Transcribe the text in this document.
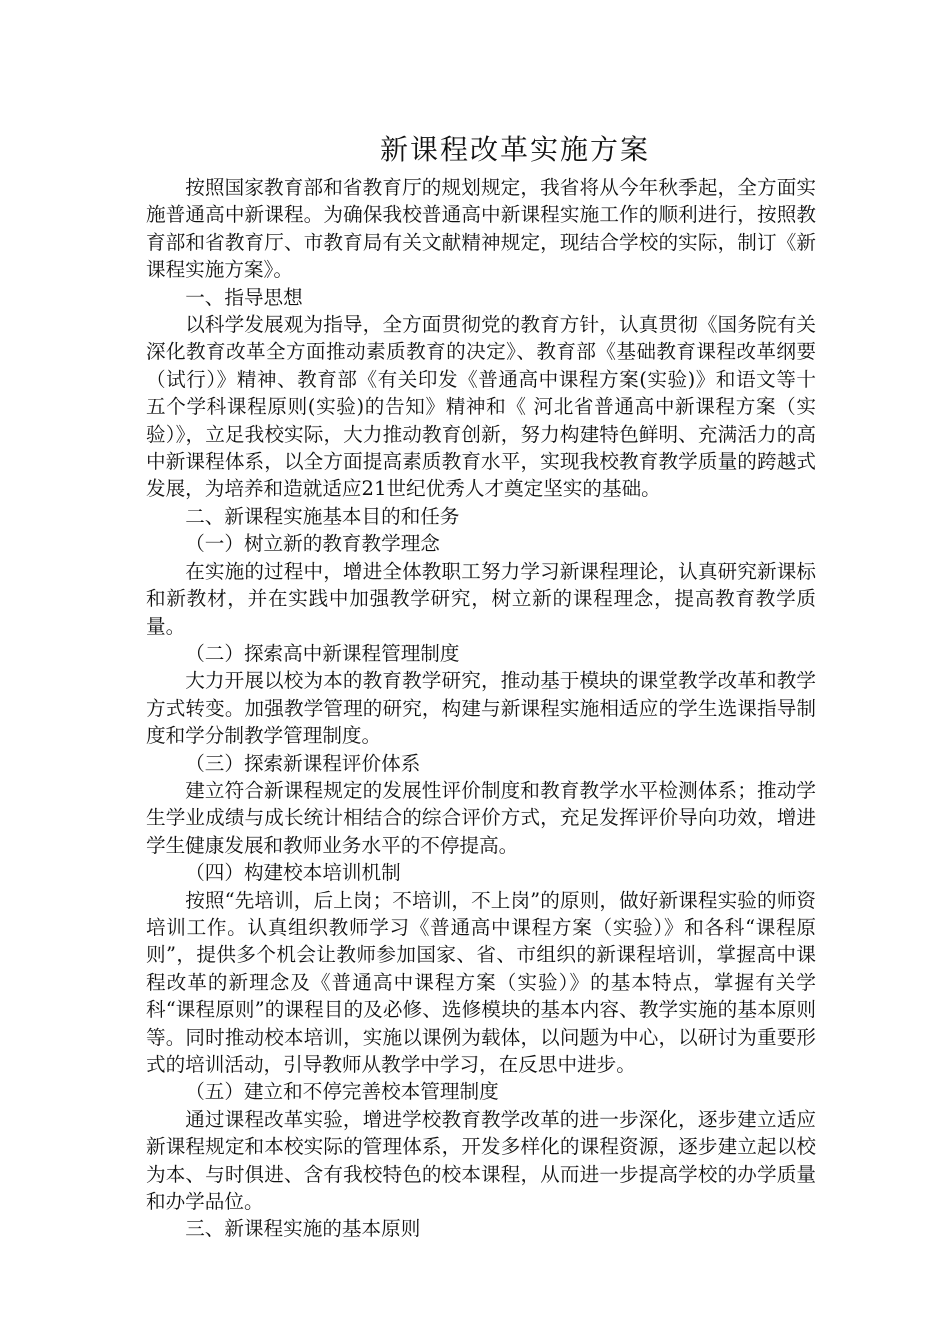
新课程改革实施方案

按照国家教育部和省教育厅的规划规定，我省将从今年秋季起，全方面实施普通高中新课程。为确保我校普通高中新课程实施工作的顺利进行，按照教育部和省教育厅、市教育局有关文献精神规定，现结合学校的实际，制订《新课程实施方案》。

一、指导思想

以科学发展观为指导，全方面贯彻党的教育方针，认真贯彻《国务院有关深化教育改革全方面推动素质教育的决定》、教育部《基础教育课程改革纲要（试行）》精神、教育部《有关印发《普通高中课程方案(实验)》和语文等十五个学科课程原则(实验)的告知》精神和《 河北省普通高中新课程方案（实验）》，立足我校实际，大力推动教育创新，努力构建特色鲜明、充满活力的高中新课程体系，以全方面提高素质教育水平，实现我校教育教学质量的跨越式发展，为培养和造就适应21世纪优秀人才奠定坚实的基础。

二、新课程实施基本目的和任务

（一）树立新的教育教学理念

在实施的过程中，增进全体教职工努力学习新课程理论，认真研究新课标和新教材，并在实践中加强教学研究，树立新的课程理念，提高教育教学质量。

（二）探索高中新课程管理制度

大力开展以校为本的教育教学研究，推动基于模块的课堂教学改革和教学方式转变。加强教学管理的研究，构建与新课程实施相适应的学生选课指导制度和学分制教学管理制度。

（三）探索新课程评价体系

建立符合新课程规定的发展性评价制度和教育教学水平检测体系；推动学生学业成绩与成长统计相结合的综合评价方式，充足发挥评价导向功效，增进学生健康发展和教师业务水平的不停提高。

（四）构建校本培训机制

按照“先培训，后上岗；不培训，不上岗”的原则，做好新课程实验的师资培训工作。认真组织教师学习《普通高中课程方案（实验）》和各科“课程原则”，提供多个机会让教师参加国家、省、市组织的新课程培训，掌握高中课程改革的新理念及《普通高中课程方案（实验）》的基本特点，掌握有关学科“课程原则”的课程目的及必修、选修模块的基本内容、教学实施的基本原则等。同时推动校本培训，实施以课例为载体，以问题为中心，以研讨为重要形式的培训活动，引导教师从教学中学习，在反思中进步。

（五）建立和不停完善校本管理制度

通过课程改革实验，增进学校教育教学改革的进一步深化，逐步建立适应新课程规定和本校实际的管理体系，开发多样化的课程资源，逐步建立起以校为本、与时俱进、含有我校特色的校本课程，从而进一步提高学校的办学质量和办学品位。

三、新课程实施的基本原则
